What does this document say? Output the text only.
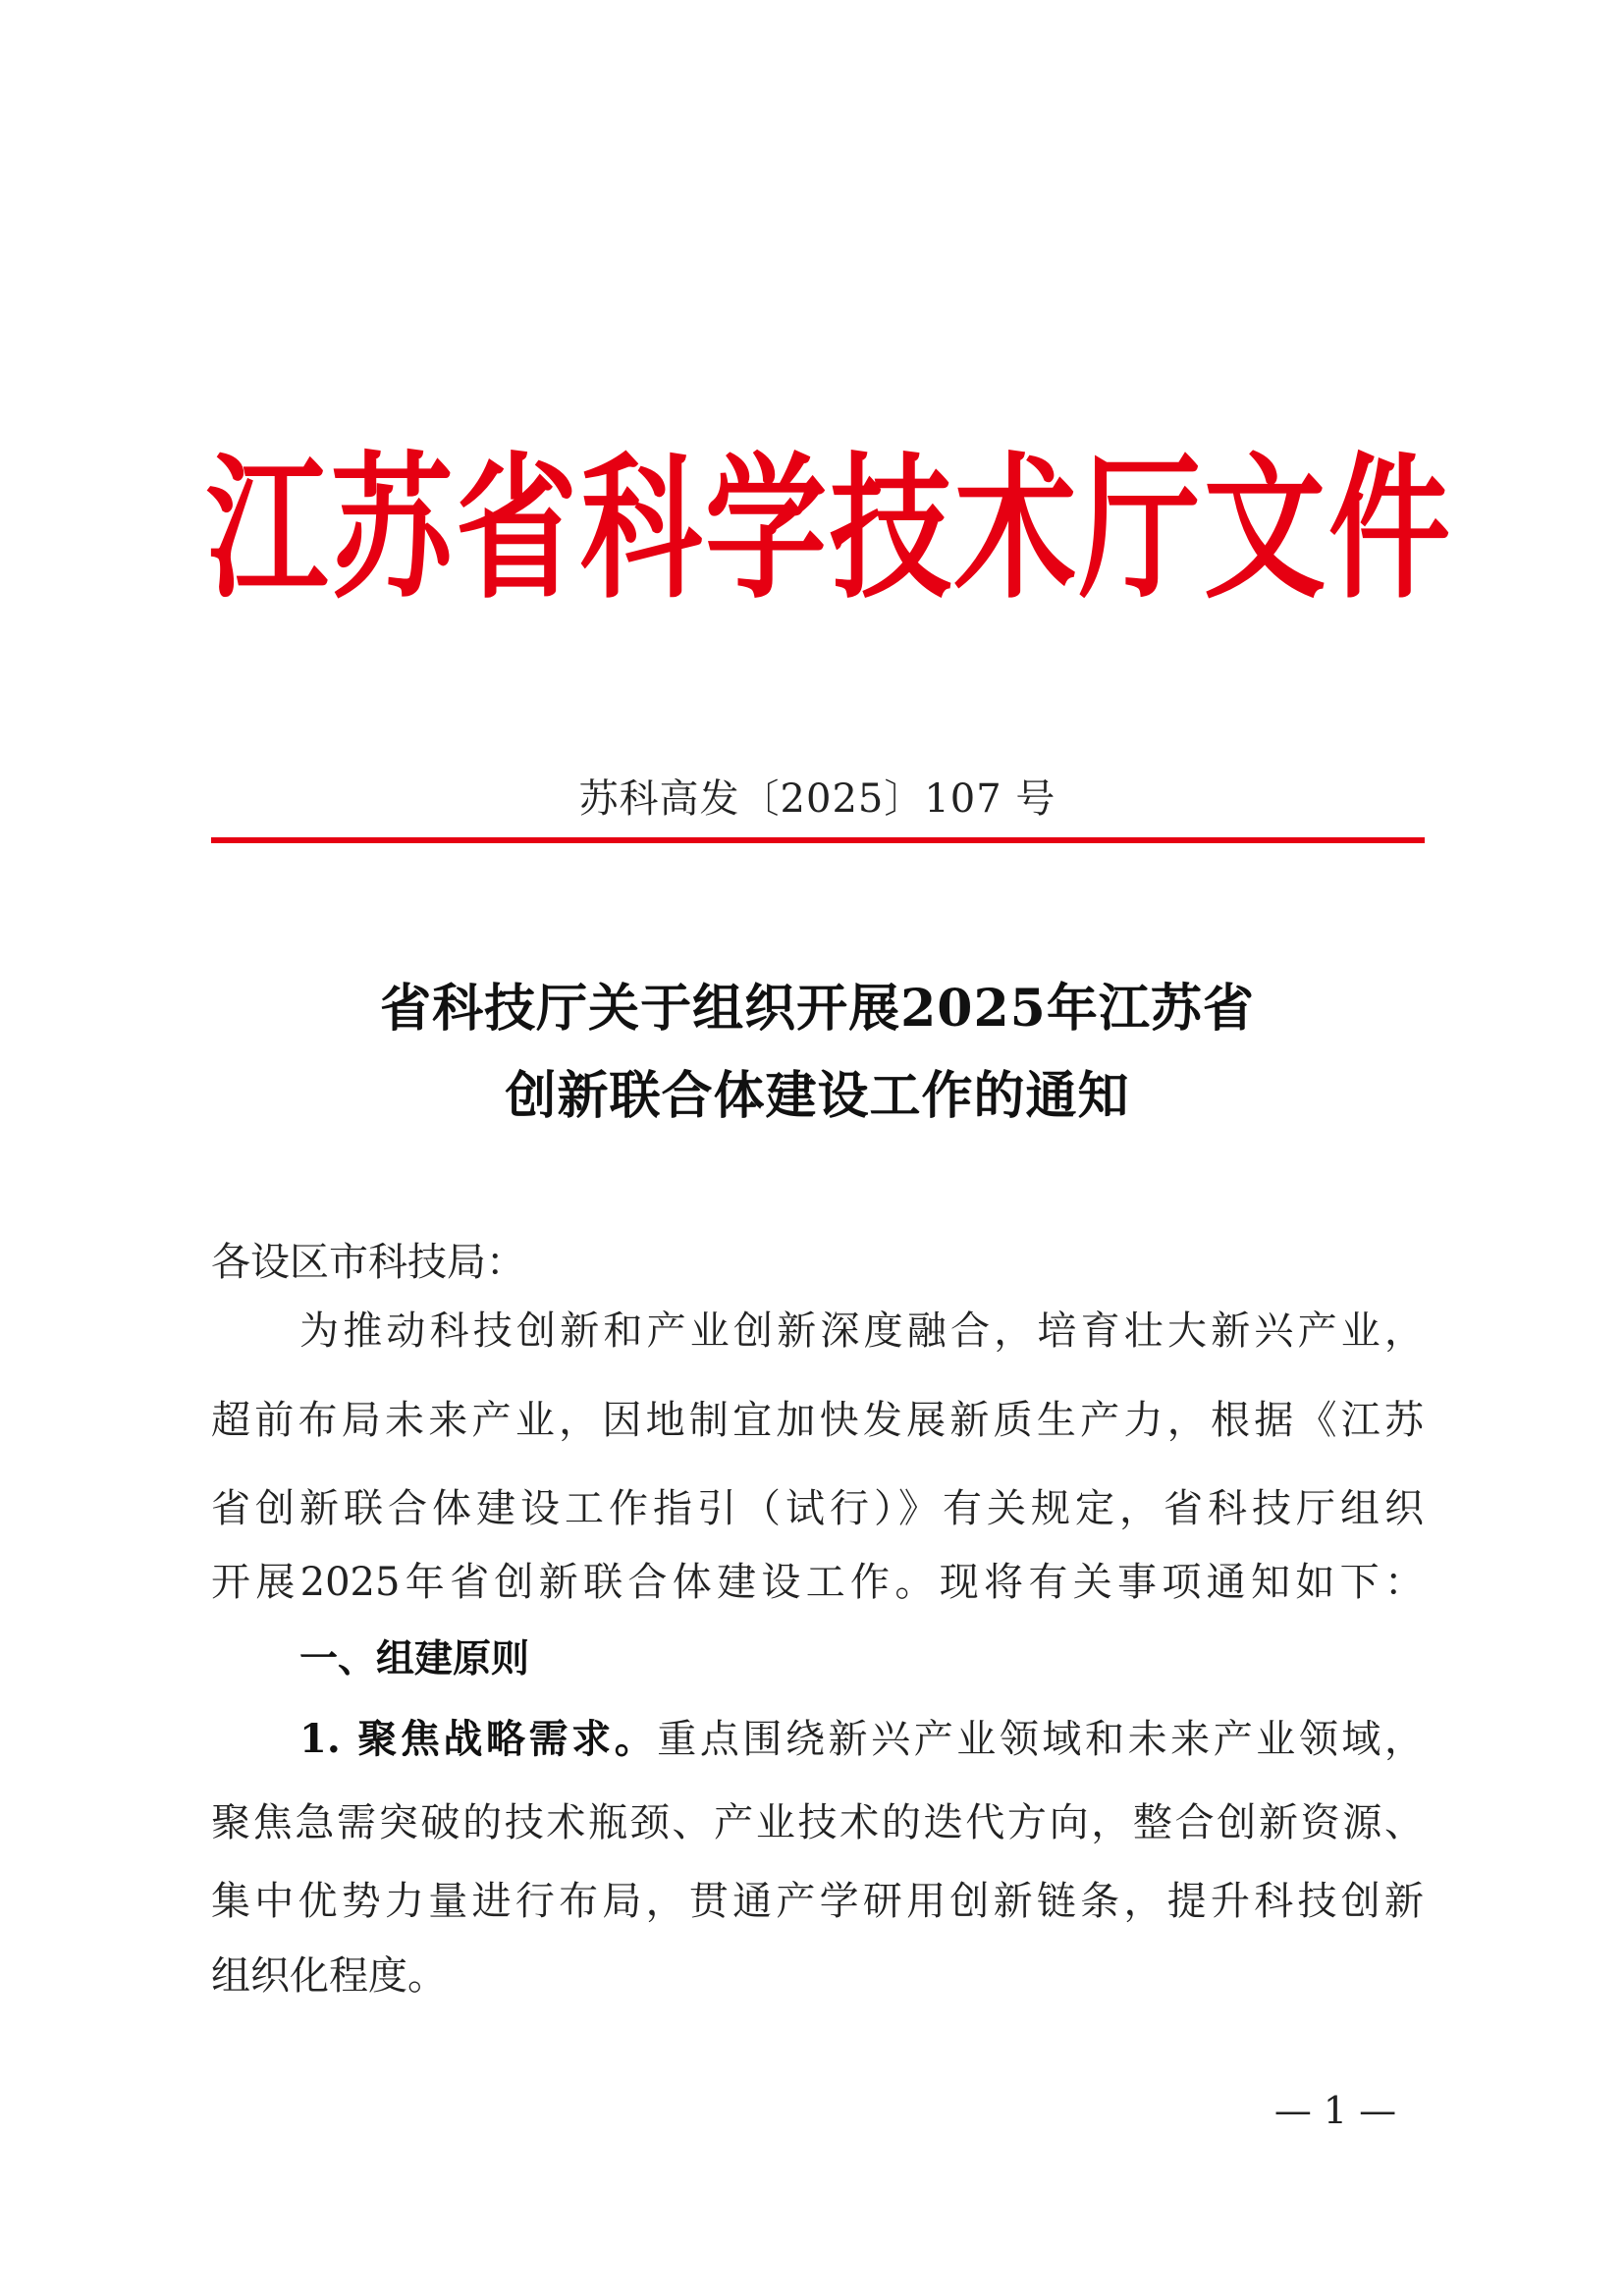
江苏省科学技术厅文件
苏科高发〔2025〕107 号
省科技厅关于组织开展2025年江苏省
创新联合体建设工作的通知
各设区市科技局：
为推动科技创新和产业创新深度融合，培育壮大新兴产业，
超前布局未来产业，因地制宜加快发展新质生产力，根据《江苏
省创新联合体建设工作指引（试行）》有关规定，省科技厅组织
开展2025年省创新联合体建设工作。现将有关事项通知如下：
一、组建原则
1. 聚焦战略需求。重点围绕新兴产业领域和未来产业领域，
聚焦急需突破的技术瓶颈、产业技术的迭代方向，整合创新资源、
集中优势力量进行布局，贯通产学研用创新链条，提升科技创新
组织化程度。
— 1 —
